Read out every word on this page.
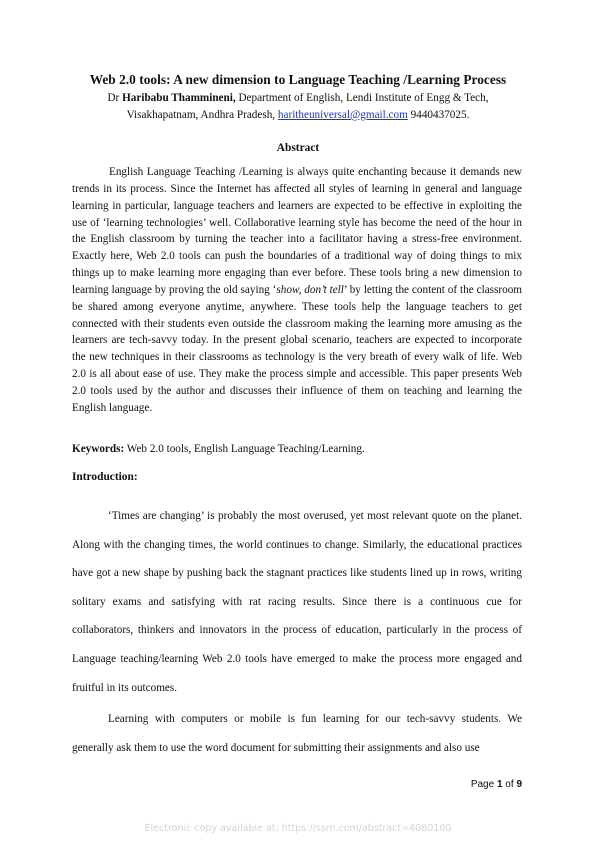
Web 2.0 tools: A new dimension to Language Teaching /Learning Process
Dr Haribabu Thammineni, Department of English, Lendi Institute of Engg & Tech,
Visakhapatnam, Andhra Pradesh, haritheuniversal@gmail.com 9440437025.
Abstract
English Language Teaching /Learning is always quite enchanting because it demands new trends in its process. Since the Internet has affected all styles of learning in general and language learning in particular, language teachers and learners are expected to be effective in exploiting the use of ‘learning technologies’ well. Collaborative learning style has become the need of the hour in the English classroom by turning the teacher into a facilitator having a stress-free environment. Exactly here, Web 2.0 tools can push the boundaries of a traditional way of doing things to mix things up to make learning more engaging than ever before. These tools bring a new dimension to learning language by proving the old saying ‘show, don’t tell’ by letting the content of the classroom be shared among everyone anytime, anywhere. These tools help the language teachers to get connected with their students even outside the classroom making the learning more amusing as the learners are tech-savvy today. In the present global scenario, teachers are expected to incorporate the new techniques in their classrooms as technology is the very breath of every walk of life. Web 2.0 is all about ease of use. They make the process simple and accessible. This paper presents Web 2.0 tools used by the author and discusses their influence of them on teaching and learning the English language.
Keywords: Web 2.0 tools, English Language Teaching/Learning.
Introduction:
‘Times are changing’ is probably the most overused, yet most relevant quote on the planet. Along with the changing times, the world continues to change. Similarly, the educational practices have got a new shape by pushing back the stagnant practices like students lined up in rows, writing solitary exams and satisfying with rat racing results. Since there is a continuous cue for collaborators, thinkers and innovators in the process of education, particularly in the process of Language teaching/learning Web 2.0 tools have emerged to make the process more engaged and fruitful in its outcomes.
Learning with computers or mobile is fun learning for our tech-savvy students. We generally ask them to use the word document for submitting their assignments and also use
Page 1 of 9
Electronic copy available at: https://ssrn.com/abstract=4080100
